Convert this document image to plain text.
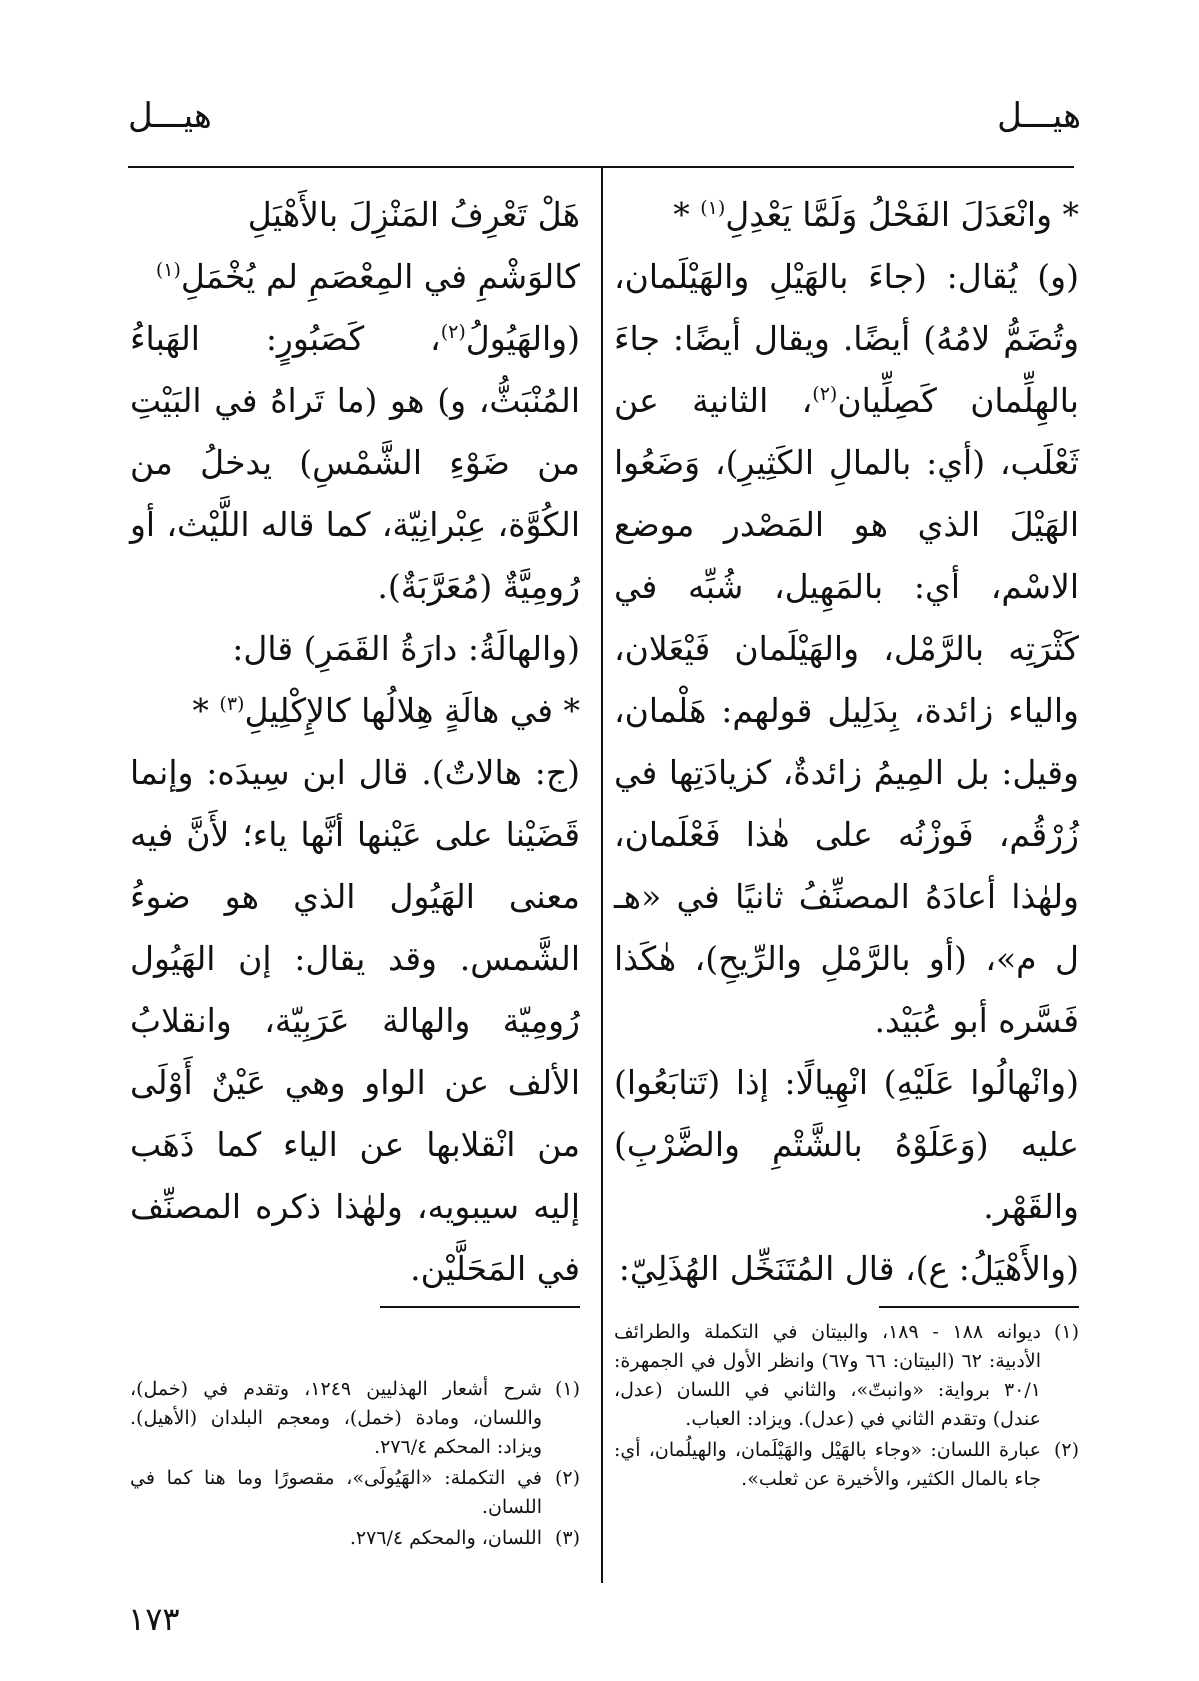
هيـــل
هيـــل

* وانْعَدَلَ الفَحْلُ وَلَمَّا يَعْدِلِ$^{(١)}$ *

(و) يُقال: (جاءَ بالهَيْلِ والهَيْلَمان، وتُضَمُّ لامُهُ) أيضًا. ويقال أيضًا: جاءَ بالهِلِّمان كَصِلِّيان$^{(٢)}$، الثانية عن ثَعْلَب، (أي: بالمالِ الكَثِيرِ)، وَضَعُوا الهَيْلَ الذي هو المَصْدر موضع الاسْم، أي: بالمَهِيل، شُبِّه في كَثْرَتِه بالرَّمْل، والهَيْلَمان فَيْعَلان، والياء زائدة، بِدَلِيل قولهم: هَلْمان، وقيل: بل المِيمُ زائدةٌ، كزيادَتِها في زُرْقُم، فَوزْنُه على هٰذا فَعْلَمان، ولهٰذا أعادَهُ المصنِّفُ ثانيًا في «هـ ل م»، (أو بالرَّمْلِ والرِّيحِ)، هٰكَذا فَسَّره أبو عُبَيْد.

(وانْهالُوا عَلَيْهِ) انْهِيالًا: إذا (تَتابَعُوا) عليه (وَعَلَوْهُ بالشَّتْمِ والضَّرْبِ) والقَهْر.

(والأَهْيَلُ: ع)، قال المُتَنَخِّل الهُذَلِيّ:

هَلْ تَعْرِفُ المَنْزِلَ بالأَهْيَلِ

كالوَشْمِ في المِعْصَمِ لم يُخْمَلِ$^{(١)}$

(والهَيُولُ$^{(٢)}$، كَصَبُورٍ: الهَباءُ المُنْبَثُّ، و) هو (ما تَراهُ في البَيْتِ من ضَوْءِ الشَّمْسِ) يدخلُ من الكُوَّة، عِبْرانِيّة، كما قاله اللَّيْث، أو رُومِيَّةٌ (مُعَرَّبَةٌ).

(والهالَةُ: دارَةُ القَمَرِ) قال:

* في هالَةٍ هِلالُها كالإِكْلِيلِ$^{(٣)}$ *

(ج: هالاتٌ). قال ابن سِيدَه: وإنما قَضَيْنا على عَيْنها أنَّها ياء؛ لأَنَّ فيه معنى الهَيُول الذي هو ضوءُ الشَّمس. وقد يقال: إن الهَيُول رُومِيّة والهالة عَرَبِيّة، وانقلابُ الألف عن الواو وهي عَيْنٌ أَوْلَى من انْقلابها عن الياء كما ذَهَب إليه سيبويه، ولهٰذا ذكره المصنِّف في المَحَلَّيْن.

(١)
ديوانه ١٨٨ - ١٨٩، والبيتان في التكملة والطرائف الأدبية: ٦٢ (البيتان: ٦٦ و٦٧) وانظر الأول في الجمهرة: ٣٠/١ برواية: «وانبتّ»، والثاني في اللسان (عدل، عندل) وتقدم الثاني في (عدل). ويزاد: العباب.
(٢)
عبارة اللسان: «وجاء بالهَيْل والهَيْلَمان، والهيلُمان، أي: جاء بالمال الكثير، والأخيرة عن ثعلب».
(١)
شرح أشعار الهذليين ١٢٤٩، وتقدم في (خمل)، واللسان، ومادة (خمل)، ومعجم البلدان (الأهيل). ويزاد: المحكم ٢٧٦/٤.
(٢)
في التكملة: «الهَيُولَى»، مقصورًا وما هنا كما في اللسان.
(٣)
اللسان، والمحكم ٢٧٦/٤.
١٧٣
